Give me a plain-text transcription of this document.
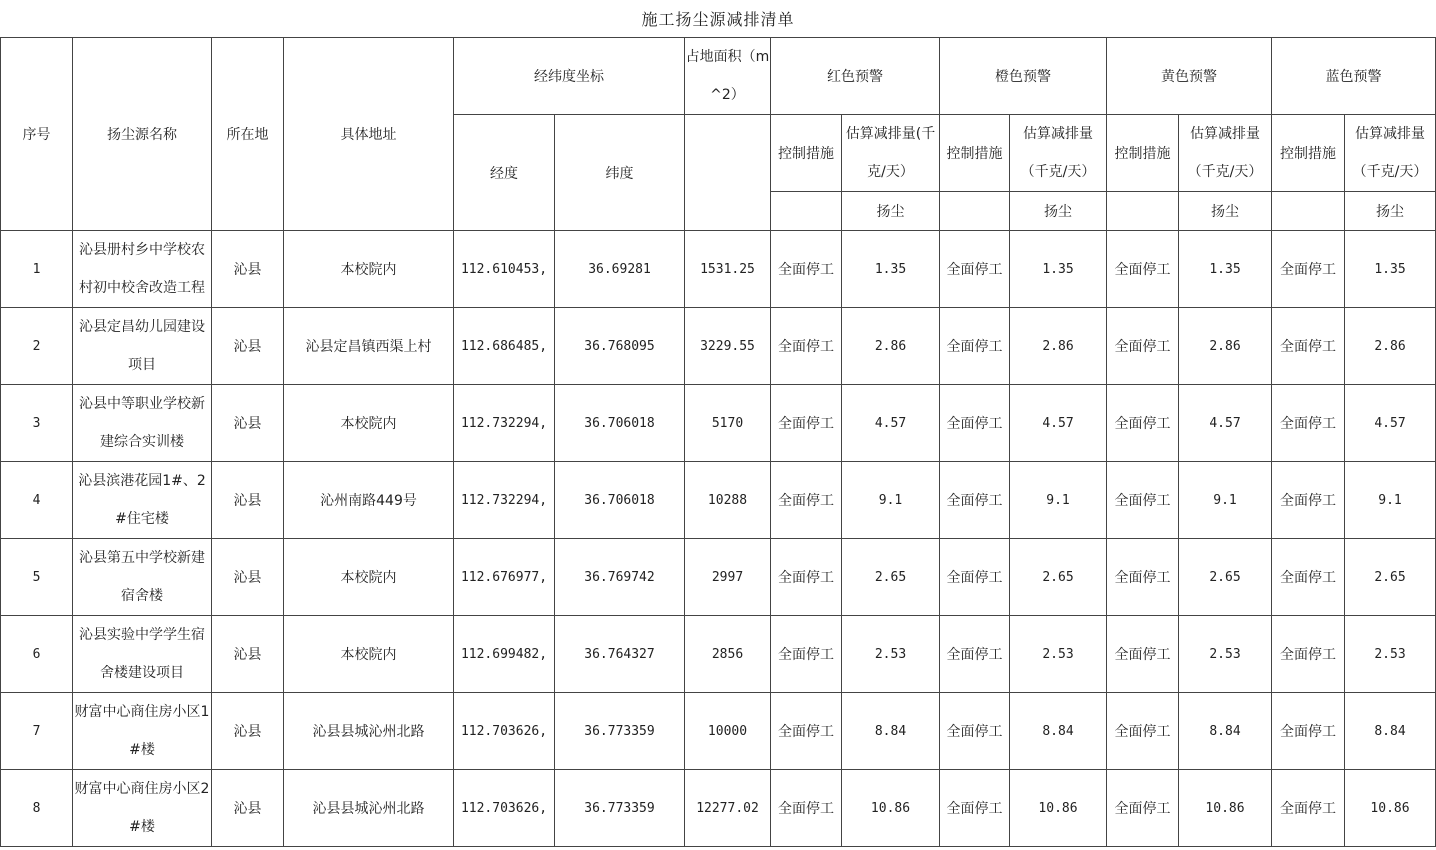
施工扬尘源减排清单
序号	扬尘源名称	所在地	具体地址	经纬度坐标		占地面积（m^2）	红色预警		橙色预警		黄色预警		蓝色预警	
				经度	纬度		控制措施	估算减排量(千克/天）	控制措施	估算减排量（千克/天）	控制措施	估算减排量（千克/天）	控制措施	估算减排量（千克/天）
								扬尘		扬尘		扬尘		扬尘
1	沁县册村乡中学校农村初中校舍改造工程	沁县	本校院内	112.610453,	36.69281	1531.25	全面停工	1.35	全面停工	1.35	全面停工	1.35	全面停工	1.35
2	沁县定昌幼儿园建设项目	沁县	沁县定昌镇西渠上村	112.686485,	36.768095	3229.55	全面停工	2.86	全面停工	2.86	全面停工	2.86	全面停工	2.86
3	沁县中等职业学校新建综合实训楼	沁县	本校院内	112.732294,	36.706018	5170	全面停工	4.57	全面停工	4.57	全面停工	4.57	全面停工	4.57
4	沁县滨港花园1#、2#住宅楼	沁县	沁州南路449号	112.732294,	36.706018	10288	全面停工	9.1	全面停工	9.1	全面停工	9.1	全面停工	9.1
5	沁县第五中学校新建宿舍楼	沁县	本校院内	112.676977,	36.769742	2997	全面停工	2.65	全面停工	2.65	全面停工	2.65	全面停工	2.65
6	沁县实验中学学生宿舍楼建设项目	沁县	本校院内	112.699482,	36.764327	2856	全面停工	2.53	全面停工	2.53	全面停工	2.53	全面停工	2.53
7	财富中心商住房小区1#楼	沁县	沁县县城沁州北路	112.703626,	36.773359	10000	全面停工	8.84	全面停工	8.84	全面停工	8.84	全面停工	8.84
8	财富中心商住房小区2#楼	沁县	沁县县城沁州北路	112.703626,	36.773359	12277.02	全面停工	10.86	全面停工	10.86	全面停工	10.86	全面停工	10.86
